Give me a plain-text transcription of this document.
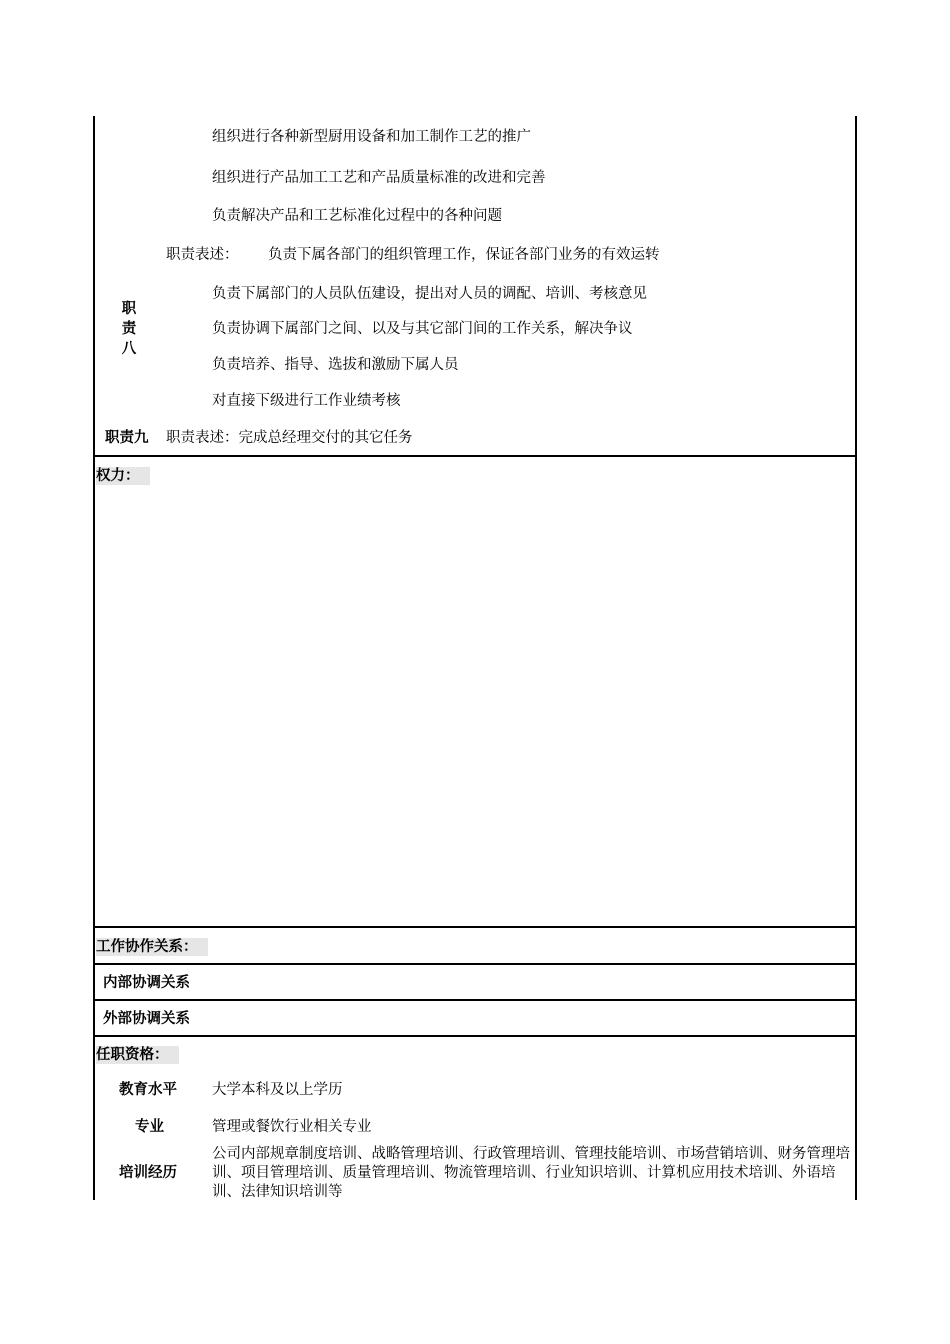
职
责
八
组织进行各种新型厨用设备和加工制作工艺的推广
组织进行产品加工工艺和产品质量标准的改进和完善
负责解决产品和工艺标准化过程中的各种问题
职责表述： 负责下属各部门的组织管理工作，保证各部门业务的有效运转
负责下属部门的人员队伍建设，提出对人员的调配、培训、考核意见
负责协调下属部门之间、以及与其它部门间的工作关系，解决争议
负责培养、指导、选拔和激励下属人员
对直接下级进行工作业绩考核
职责九 职责表述：完成总经理交付的其它任务
权力：
工作协作关系：
内部协调关系
外部协调关系
任职资格：
教育水平 大学本科及以上学历
专业	管理或餐饮行业相关专业
培训经历
公司内部规章制度培训、战略管理培训、行政管理培训、管理技能培训、市场营销培训、财务管理培训、项目管理培训、质量管理培训、物流管理培训、行业知识培训、计算机应用技术培训、外语培训、法律知识培训等
